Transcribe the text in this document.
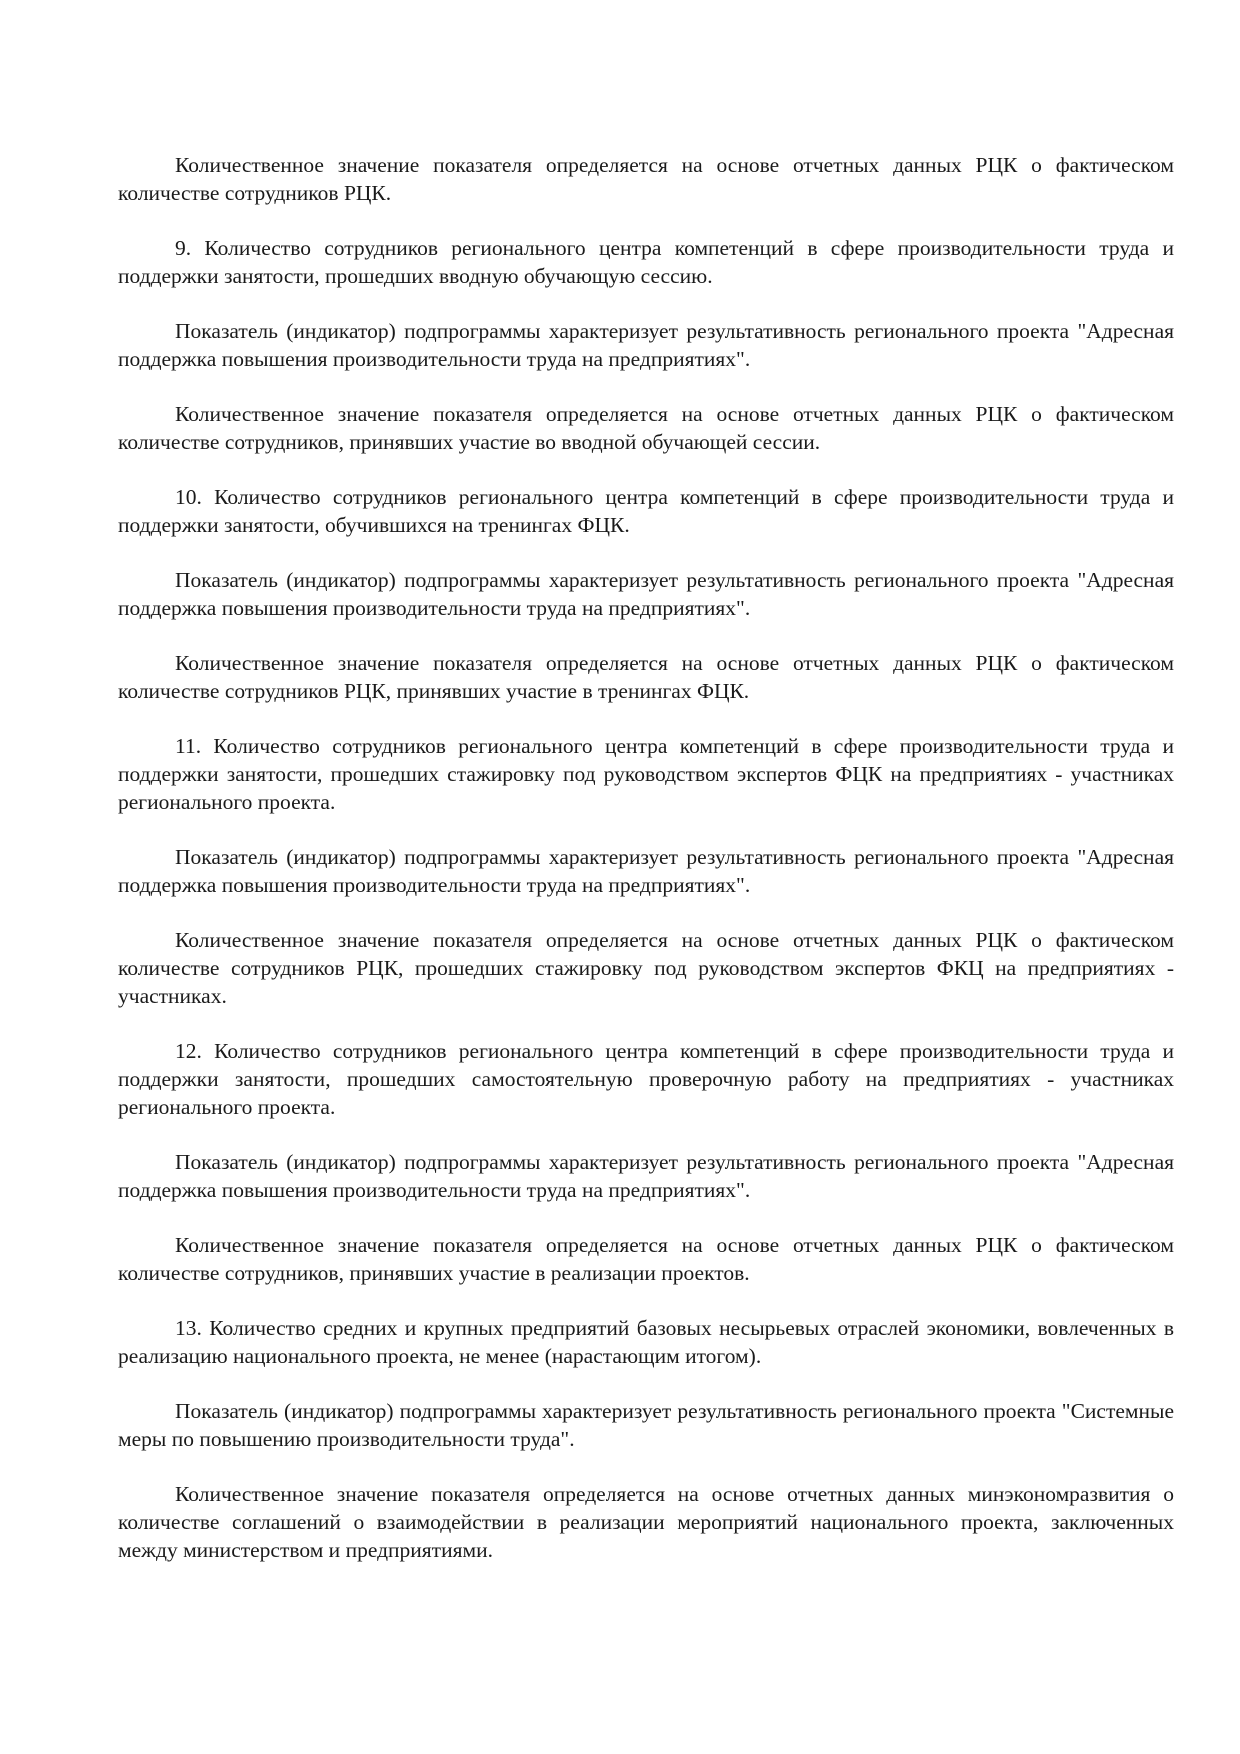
Количественное значение показателя определяется на основе отчетных данных РЦК о фактическом количестве сотрудников РЦК.

9. Количество сотрудников регионального центра компетенций в сфере производительности труда и поддержки занятости, прошедших вводную обучающую сессию.

Показатель (индикатор) подпрограммы характеризует результативность регионального проекта "Адресная поддержка повышения производительности труда на предприятиях".

Количественное значение показателя определяется на основе отчетных данных РЦК о фактическом количестве сотрудников, принявших участие во вводной обучающей сессии.

10. Количество сотрудников регионального центра компетенций в сфере производительности труда и поддержки занятости, обучившихся на тренингах ФЦК.

Показатель (индикатор) подпрограммы характеризует результативность регионального проекта "Адресная поддержка повышения производительности труда на предприятиях".

Количественное значение показателя определяется на основе отчетных данных РЦК о фактическом количестве сотрудников РЦК, принявших участие в тренингах ФЦК.

11. Количество сотрудников регионального центра компетенций в сфере производительности труда и поддержки занятости, прошедших стажировку под руководством экспертов ФЦК на предприятиях - участниках регионального проекта.

Показатель (индикатор) подпрограммы характеризует результативность регионального проекта "Адресная поддержка повышения производительности труда на предприятиях".

Количественное значение показателя определяется на основе отчетных данных РЦК о фактическом количестве сотрудников РЦК, прошедших стажировку под руководством экспертов ФКЦ на предприятиях - участниках.

12. Количество сотрудников регионального центра компетенций в сфере производительности труда и поддержки занятости, прошедших самостоятельную проверочную работу на предприятиях - участниках регионального проекта.

Показатель (индикатор) подпрограммы характеризует результативность регионального проекта "Адресная поддержка повышения производительности труда на предприятиях".

Количественное значение показателя определяется на основе отчетных данных РЦК о фактическом количестве сотрудников, принявших участие в реализации проектов.

13. Количество средних и крупных предприятий базовых несырьевых отраслей экономики, вовлеченных в реализацию национального проекта, не менее (нарастающим итогом).

Показатель (индикатор) подпрограммы характеризует результативность регионального проекта "Системные меры по повышению производительности труда".

Количественное значение показателя определяется на основе отчетных данных минэкономразвития о количестве соглашений о взаимодействии в реализации мероприятий национального проекта, заключенных между министерством и предприятиями.
